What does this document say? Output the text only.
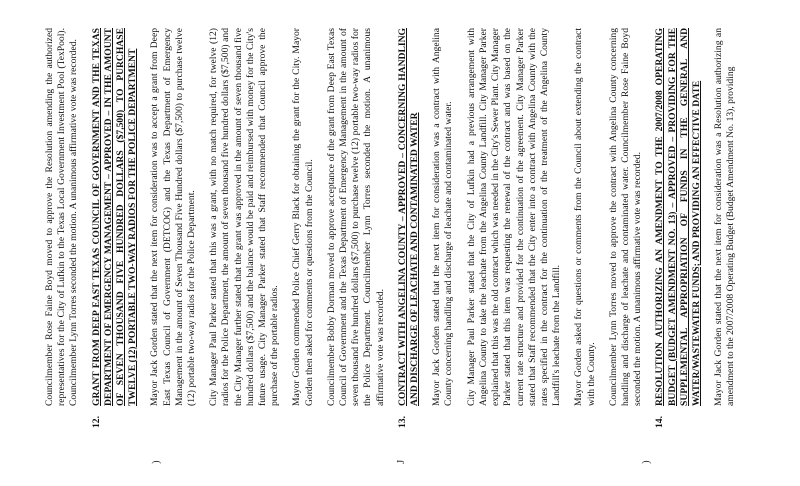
Councilmember Rose Faine Boyd moved to approve the Resolution amending the authorized representatives for the City of Lufkin to the Texas Local Government Investment Pool (TexPool). Councilmember Lynn Torres seconded the motion. A unanimous affirmative vote was recorded.

12.
GRANT FROM DEEP EAST TEXAS COUNCIL OF GOVERNMENT AND THE TEXAS DEPARTMENT OF EMERGENCY MANAGEMENT – APPROVED – IN THE AMOUNT OF SEVEN THOUSAND FIVE HUNDRED DOLLARS ($7,500) TO PURCHASE TWELVE (12) PORTABLE TWO-WAY RADIOS FOR THE POLICE DEPARTMENT Mayor Jack Gorden stated that the next item for consideration was to accept a grant from Deep East Texas Council of Government (DETCOG) and the Texas Department of Emergency Management in the amount of Seven Thousand Five Hundred dollars ($7,500) to purchase twelve (12) portable two-way radios for the Police Department. City Manager Paul Parker stated that this was a grant, with no match required, for twelve (12) radios for the Police Department, the amount of seven thousand five hundred dollars ($7,500) and the City Manager further stated that the grant was approved in the amount of seven thousand five hundred dollars ($7,500) and the balance would be paid and reimbursed with money for the City's future usage. City Manager Parker stated that Staff recommended that Council approve the purchase of the portable radios. Mayor Gorden commended Police Chief Gerry Black for obtaining the grant for the City. Mayor Gorden then asked for comments or questions from the Council. Councilmember Bobby Dorman moved to approve acceptance of the grant from Deep East Texas Council of Government and the Texas Department of Emergency Management in the amount of seven thousand five hundred dollars ($7,500) to purchase twelve (12) portable two-way radios for the Police Department. Councilmember Lynn Torres seconded the motion. A unanimous affirmative vote was recorded.

13.
CONTRACT WITH ANGELINA COUNTY – APPROVED – CONCERNING HANDLING AND DISCHARGE OF LEACHATE AND CONTAMINATED WATER Mayor Jack Gorden stated that the next item for consideration was a contract with Angelina County concerning handling and discharge of leachate and contaminated water. City Manager Paul Parker stated that the City of Lufkin had a previous arrangement with Angelina County to take the leachate from the Angelina County Landfill. City Manager Parker explained that this was the old contract which was needed in the City's Sewer Plant. City Manager Parker stated that this item was requesting the renewal of the contract and was based on the current rate structure and provided for the continuation of the agreement. City Manager Parker stated that Staff recommended that the City enter into a contract with Angelina County with the rates specified in the contract for the continuation of the treatment of the Angelina County Landfill's leachate from the Landfill. Mayor Gorden asked for questions or comments from the Council about extending the contract with the County. Councilmember Lynn Torres moved to approve the contract with Angelina County concerning handling and discharge of leachate and contaminated water. Councilmember Rose Faine Boyd seconded the motion. A unanimous affirmative vote was recorded.

14.
RESOLUTION AUTHORIZING AN AMENDMENT TO THE 2007/2008 OPERATING BUDGET (BUDGET AMENDMENT NO. 13) – APPROVED – PROVIDING FOR THE SUPPLEMENTAL APPROPRIATION OF FUNDS IN THE GENERAL AND WATER/WASTEWATER FUNDS; AND PROVIDING AN EFFECTIVE DATE Mayor Jack Gorden stated that the next item for consideration was a Resolution authorizing an amendment to the 2007/2008 Operating Budget (Budget Amendment No. 13), providing

)	J	)
